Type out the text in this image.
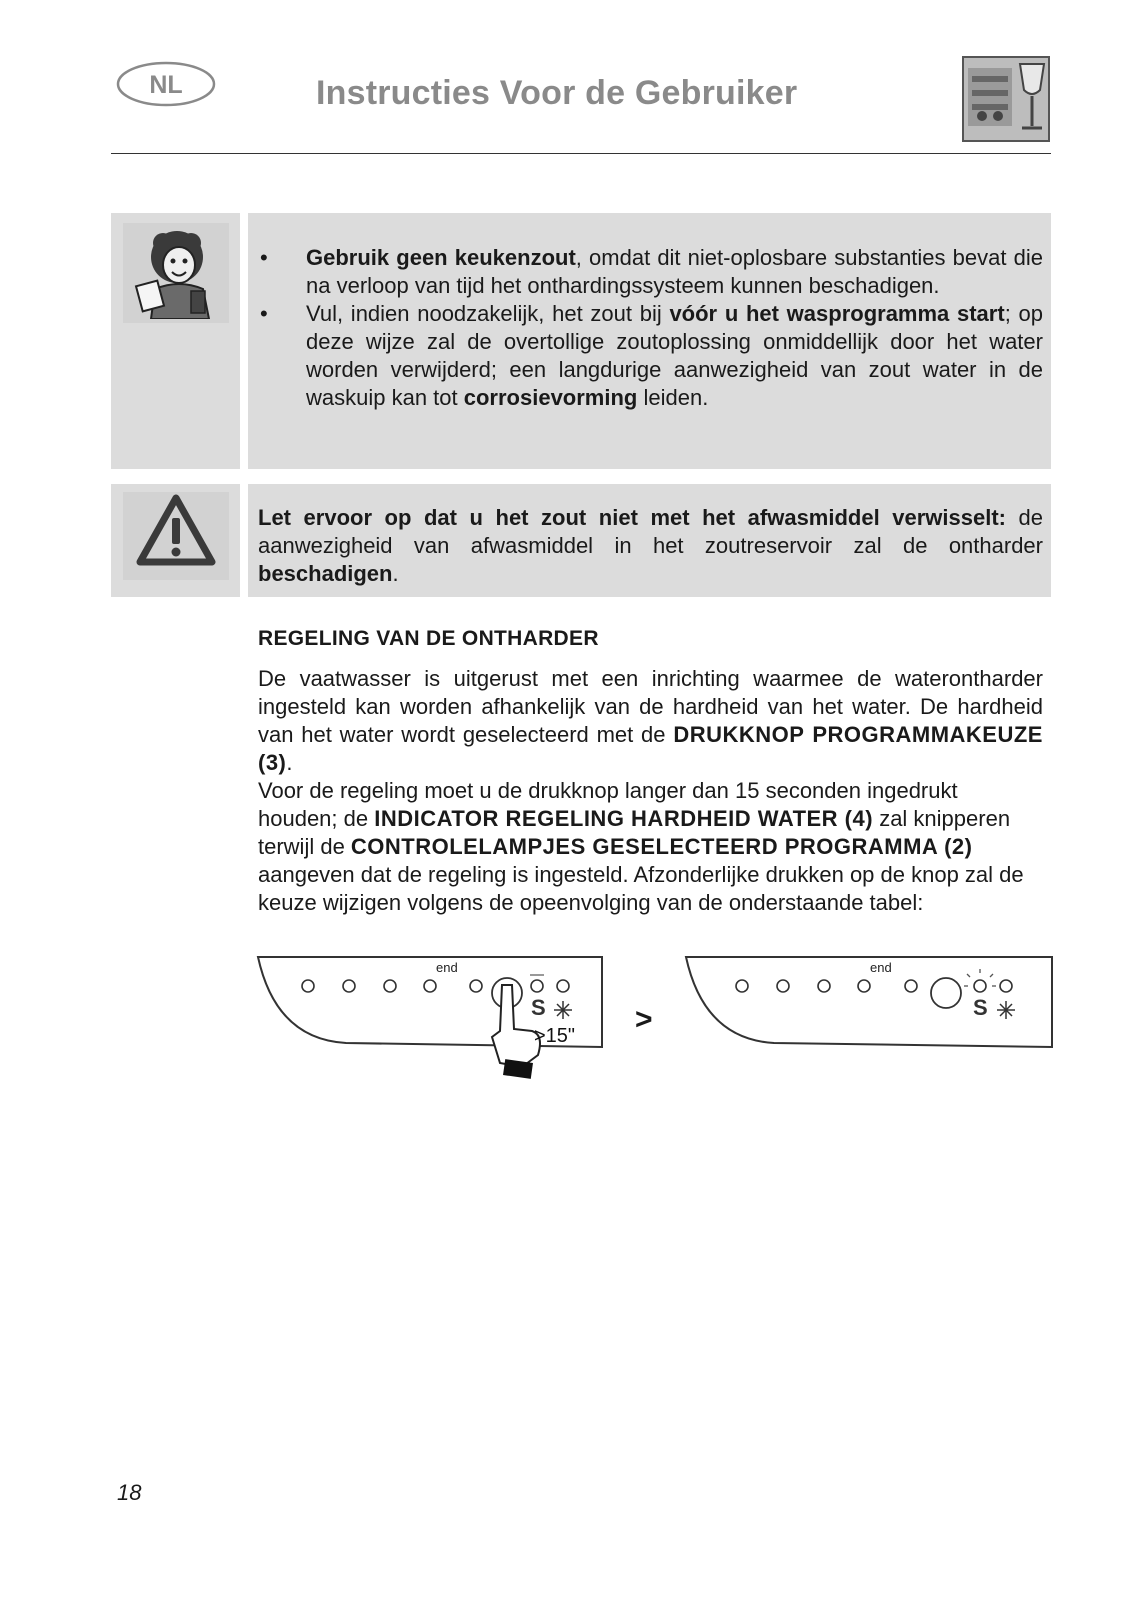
NL	Instructies Voor de Gebruiker
• Gebruik geen keukenzout, omdat dit niet-oplosbare substanties bevat die na verloop van tijd het onthardingssysteem kunnen beschadigen.
• Vul, indien noodzakelijk, het zout bij vóór u het wasprogramma start; op deze wijze zal de overtollige zoutoplossing onmiddellijk door het water worden verwijderd; een langdurige aanwezigheid van zout water in de waskuip kan tot corrosievorming leiden.
Let ervoor op dat u het zout niet met het afwasmiddel verwisselt: de aanwezigheid van afwasmiddel in het zoutreservoir zal de ontharder beschadigen.
REGELING VAN DE ONTHARDER
De vaatwasser is uitgerust met een inrichting waarmee de waterontharder ingesteld kan worden afhankelijk van de hardheid van het water. De hardheid van het water wordt geselecteerd met de DRUKKNOP PROGRAMMAKEUZE (3).
Voor de regeling moet u de drukknop langer dan 15 seconden ingedrukt houden; de INDICATOR REGELING HARDHEID WATER (4) zal knipperen terwijl de CONTROLELAMPJES GESELECTEERD PROGRAMMA (2) aangeven dat de regeling is ingesteld. Afzonderlijke drukken op de knop zal de keuze wijzigen volgens de opeenvolging van de onderstaande tabel:
S
end
>15" >	S
end
18
